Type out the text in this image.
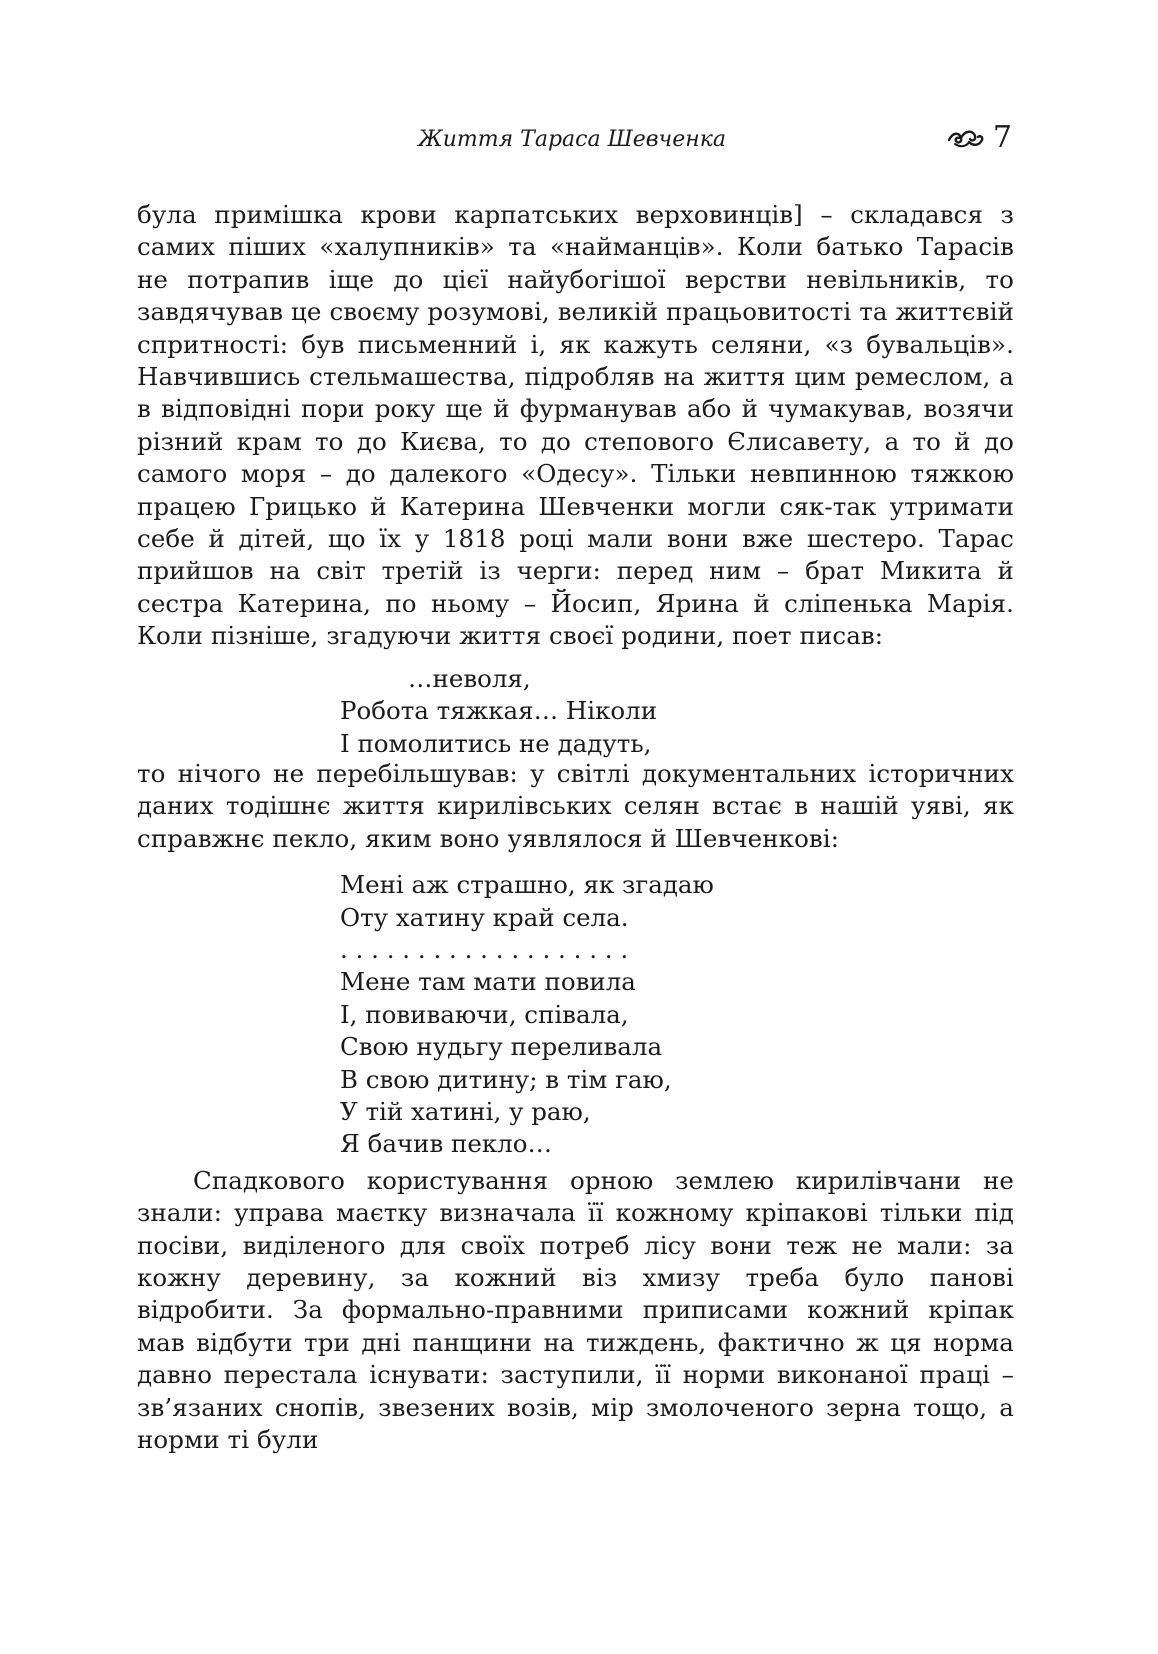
Життя Тараса Шевченка	7

була примішка крови карпатських верховинців] – складався з самих піших «халупників» та «найманців». Коли батько Тарасів не потрапив іще до цієї найубогішої верстви невільників, то завдячував це своєму розумові, великій працьовитості та життєвій спритності: був письменний і, як кажуть селяни, «з бувальців». Навчившись стельмашества, підробляв на життя цим ремеслом, а в відповідні пори року ще й фурманував або й чумакував, возячи різний крам то до Києва, то до степового Єлисавету, а то й до самого моря – до далекого «Одесу». Тільки невпинною тяжкою працею Грицько й Катерина Шевченки могли сяк-так утримати себе й дітей, що їх у 1818 році мали вони вже шестеро. Тарас прийшов на світ третій із черги: перед ним – брат Микита й сестра Катерина, по ньому – Йосип, Ярина й сліпенька Марія. Коли пізніше, згадуючи життя своєї родини, поет писав:

…неволя,
Робота тяжкая… Ніколи
І помолитись не дадуть,

то нічого не перебільшував: у світлі документальних історичних даних тодішнє життя кирилівських селян встає в нашій уяві, як справжнє пекло, яким воно уявлялося й Шевченкові:

Мені аж страшно, як згадаю
Оту хатину край села.
. . . . . . . . . . . . . . . . . . .
Мене там мати повила
І, повиваючи, співала,
Свою нудьгу переливала
В свою дитину; в тім гаю,
У тій хатині, у раю,
Я бачив пекло…

Спадкового користування орною землею кирилівчани не знали: управа маєтку визначала її кожному кріпакові тільки під посіви, виділеного для своїх потреб лісу вони теж не мали: за кожну деревину, за кожний віз хмизу треба було панові відробити. За формально-правними приписами кожний кріпак мав відбути три дні панщини на тиждень, фактично ж ця норма давно перестала існувати: заступили, її норми виконаної праці – зв’язаних снопів, звезених возів, мір змолоченого зерна тощо, а норми ті були
